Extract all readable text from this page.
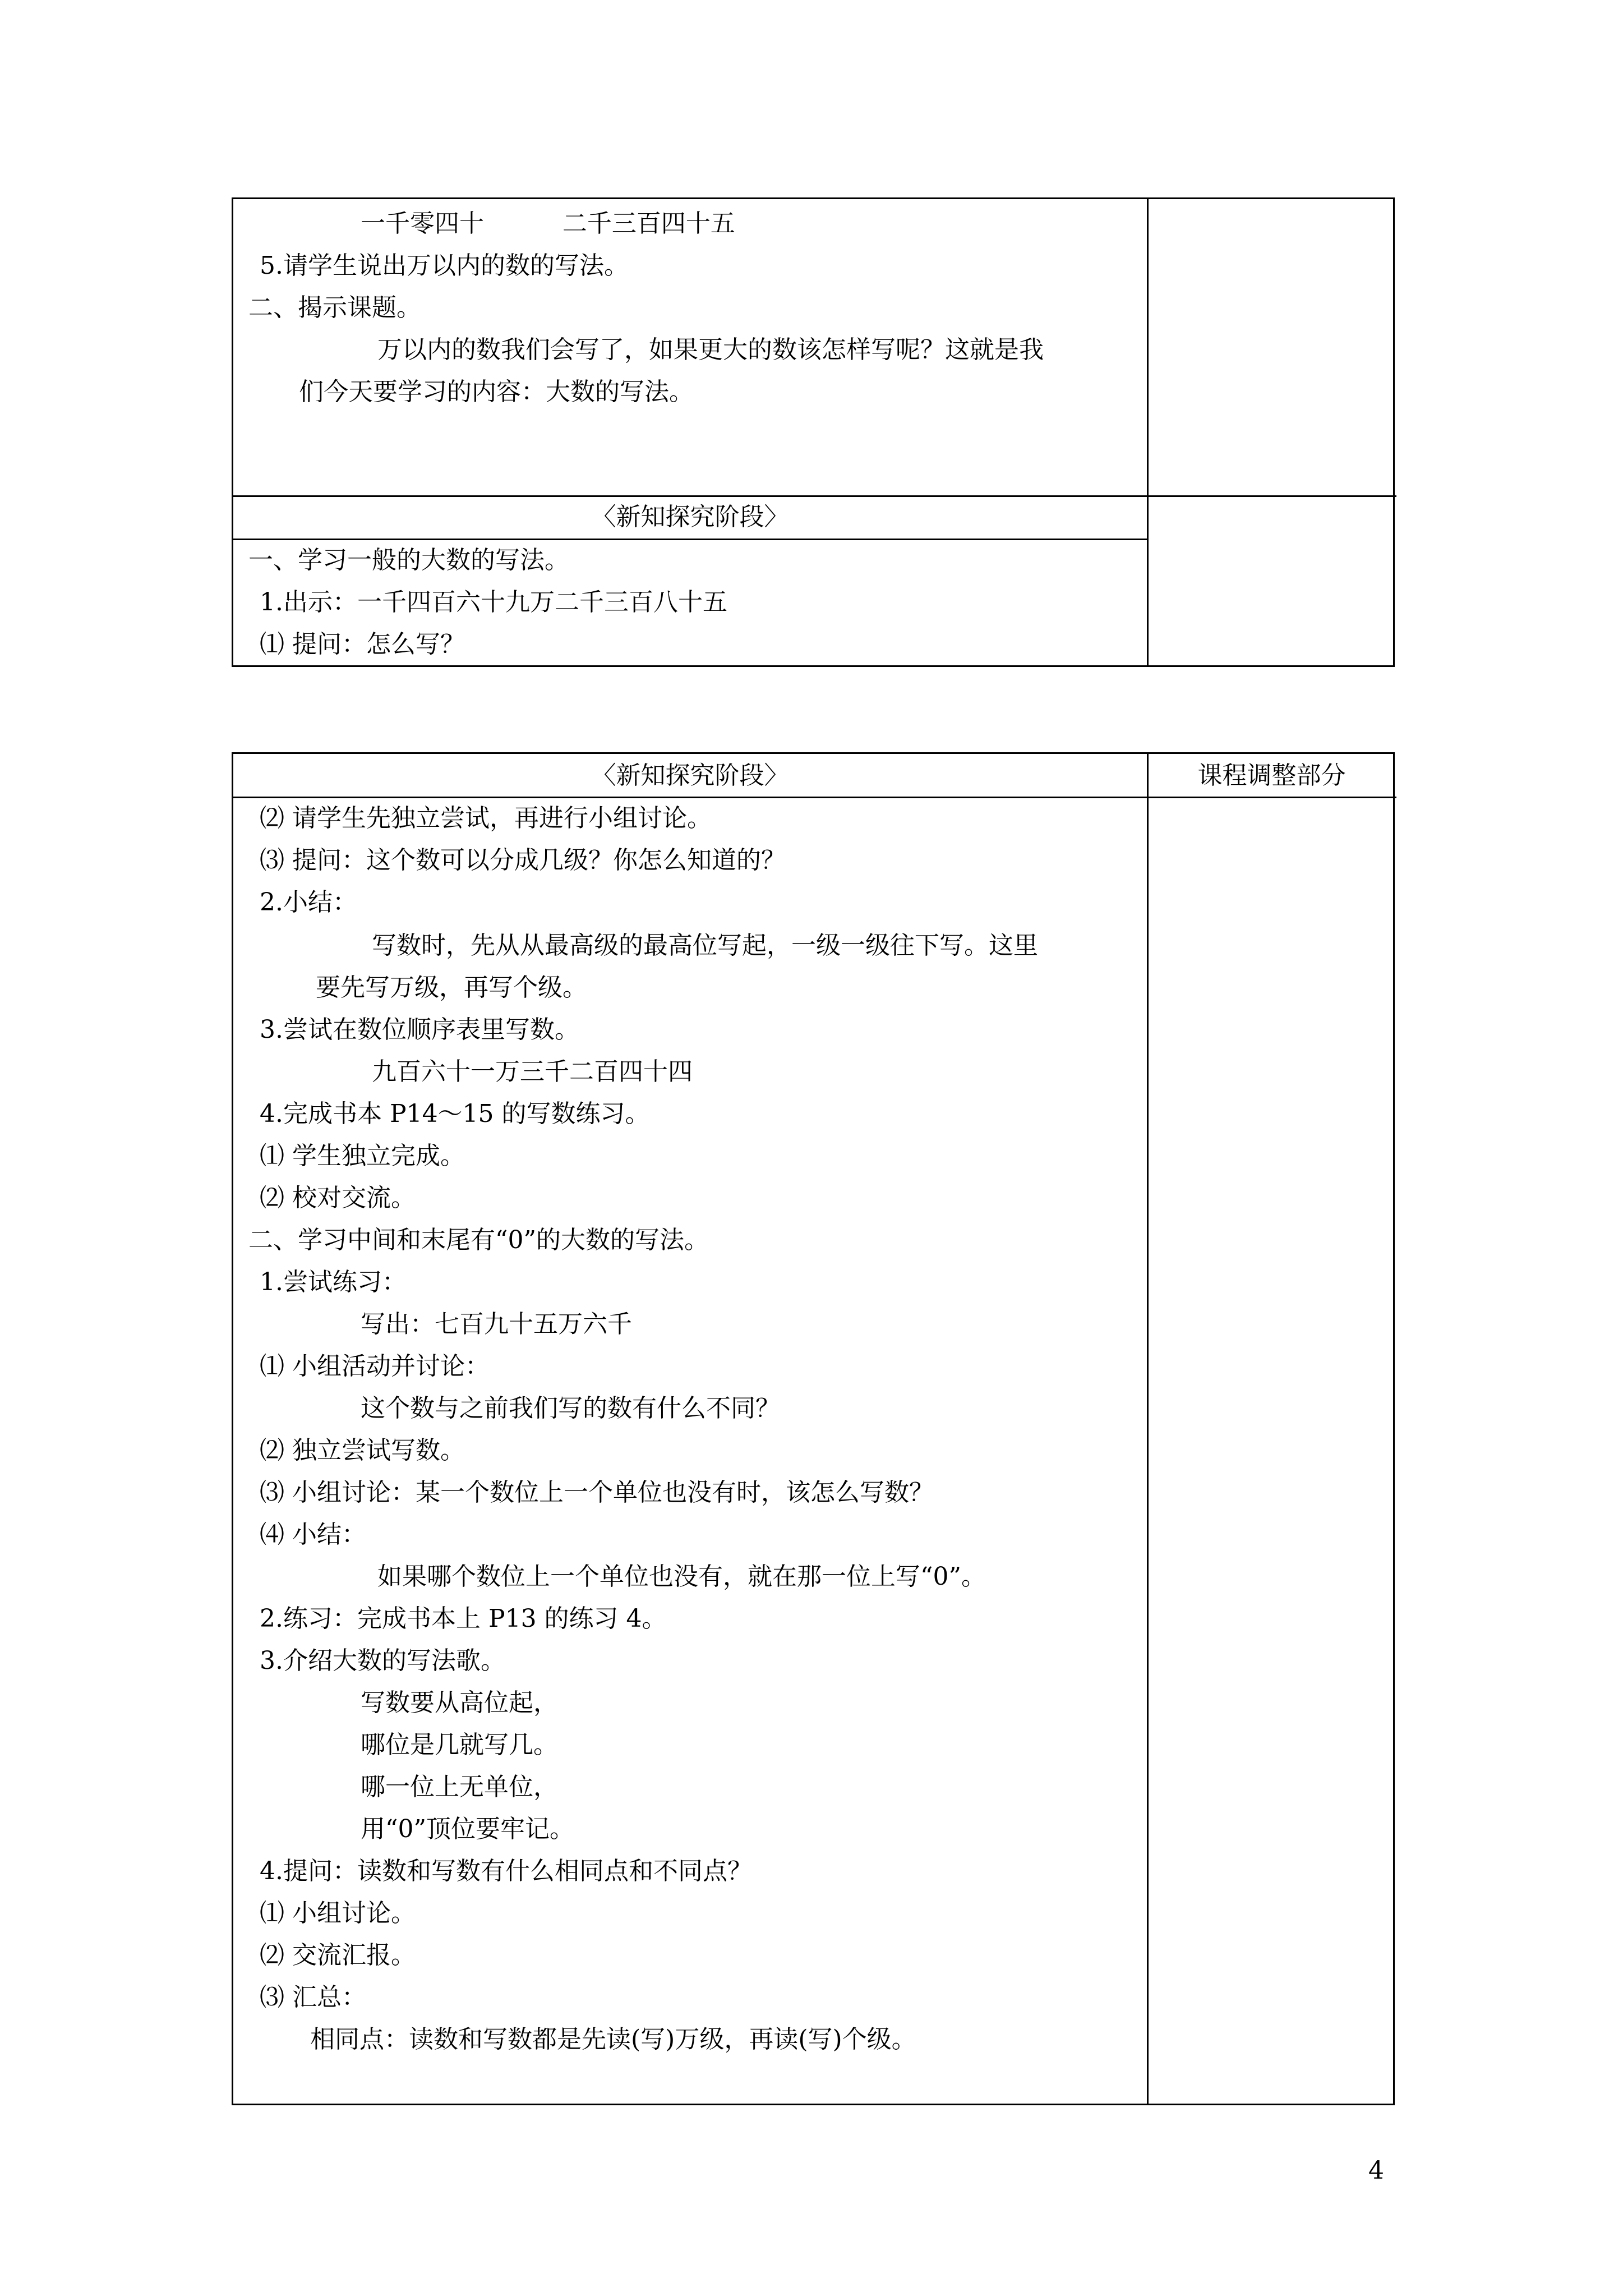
一千零四十          二千三百四十五
5.请学生说出万以内的数的写法。
二、揭示课题。
万以内的数我们会写了，如果更大的数该怎样写呢？这就是我
们今天要学习的内容：大数的写法。
〈新知探究阶段〉
一、学习一般的大数的写法。
1.出示：一千四百六十九万二千三百八十五
⑴ 提问：怎么写？
〈新知探究阶段〉	课程调整部分
⑵ 请学生先独立尝试，再进行小组讨论。
⑶ 提问：这个数可以分成几级？你怎么知道的？
2.小结：
写数时，先从从最高级的最高位写起，一级一级往下写。这里
要先写万级，再写个级。
3.尝试在数位顺序表里写数。
九百六十一万三千二百四十四
4.完成书本 P14～15 的写数练习。
⑴ 学生独立完成。
⑵ 校对交流。
二、学习中间和末尾有“0”的大数的写法。
1.尝试练习：
写出：七百九十五万六千
⑴ 小组活动并讨论：
这个数与之前我们写的数有什么不同？
⑵ 独立尝试写数。
⑶ 小组讨论：某一个数位上一个单位也没有时，该怎么写数？
⑷ 小结：
如果哪个数位上一个单位也没有，就在那一位上写“0”。
2.练习：完成书本上 P13 的练习 4。
3.介绍大数的写法歌。
写数要从高位起，
哪位是几就写几。
哪一位上无单位，
用“0”顶位要牢记。
4.提问：读数和写数有什么相同点和不同点？
⑴ 小组讨论。
⑵ 交流汇报。
⑶ 汇总：
相同点：读数和写数都是先读(写)万级，再读(写)个级。
4
